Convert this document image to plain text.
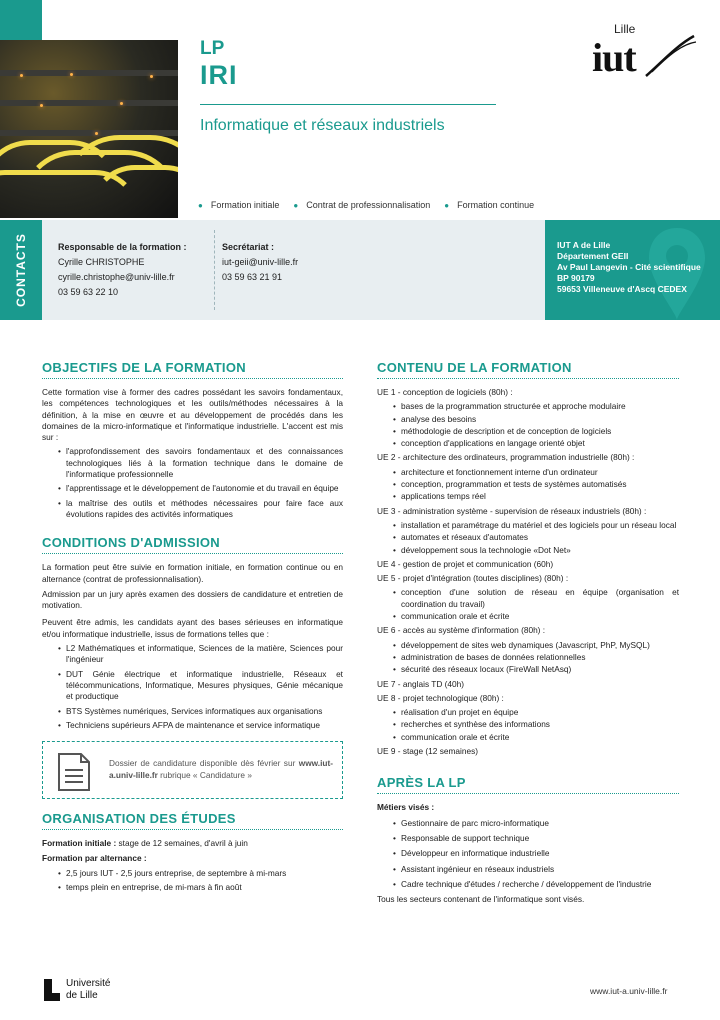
LP
IRI
Informatique et réseaux industriels
Lille
iut
● Formation initiale	● Contrat de professionnalisation	● Formation continue
CONTACTS	Responsable de la formation :
Cyrille CHRISTOPHE
cyrille.christophe@univ-lille.fr
03 59 63 22 10
Secrétariat :
iut-geii@univ-lille.fr
03 59 63 21 91
IUT A de Lille
Département GEII
Av Paul Langevin - Cité scientifique
BP 90179
59653 Villeneuve d'Ascq CEDEX
OBJECTIFS DE LA FORMATION

Cette formation vise à former des cadres possédant les savoirs fondamentaux, les compétences technologiques et les outils/méthodes nécessaires à la définition, à la mise en œuvre et au développement de procédés dans les domaines de la micro-informatique et l'informatique industrielle. L'accent est mis sur :

• l'approfondissement des savoirs fondamentaux et des connaissances technologiques liés à la formation technique dans le domaine de l'informatique professionnelle
• l'apprentissage et le développement de l'autonomie et du travail en équipe
• la maîtrise des outils et méthodes nécessaires pour faire face aux évolutions rapides des activités informatiques
CONDITIONS D'ADMISSION

La formation peut être suivie en formation initiale, en formation continue ou en alternance (contrat de professionnalisation).

Admission par un jury après examen des dossiers de candidature et entretien de motivation.

Peuvent être admis, les candidats ayant des bases sérieuses en informatique et/ou informatique industrielle, issus de formations telles que :

• L2 Mathématiques et informatique, Sciences de la matière, Sciences pour l'ingénieur
• DUT Génie électrique et informatique industrielle, Réseaux et télécommunications, Informatique, Mesures physiques, Génie mécanique et productique
• BTS Systèmes numériques, Services informatiques aux organisations
• Techniciens supérieurs AFPA de maintenance et service informatique
Dossier de candidature disponible dès février sur www.iut-a.univ-lille.fr rubrique « Candidature »
ORGANISATION DES ÉTUDES

Formation initiale : stage de 12 semaines, d'avril à juin

Formation par alternance :

• 2,5 jours IUT - 2,5 jours entreprise, de septembre à mi-mars
• temps plein en entreprise, de mi-mars à fin août
CONTENU DE LA FORMATION

UE 1 - conception de logiciels (80h) :

• bases de la programmation structurée et approche modulaire
• analyse des besoins
• méthodologie de description et de conception de logiciels
• conception d'applications en langage orienté objet

UE 2 - architecture des ordinateurs, programmation industrielle (80h) :

• architecture et fonctionnement interne d'un ordinateur
• conception, programmation et tests de systèmes automatisés
• applications temps réel

UE 3 - administration système - supervision de réseaux industriels (80h) :

• installation et paramétrage du matériel et des logiciels pour un réseau local
• automates et réseaux d'automates
• développement sous la technologie «Dot Net»

UE 4 - gestion de projet et communication (60h)

UE 5 - projet d'intégration (toutes disciplines) (80h) :

• conception d'une solution de réseau en équipe (organisation et coordination du travail)
• communication orale et écrite

UE 6 - accès au système d'information (80h) :

• développement de sites web dynamiques (Javascript, PhP, MySQL)
• administration de bases de données relationnelles
• sécurité des réseaux locaux (FireWall NetAsq)

UE 7 - anglais TD (40h)

UE 8 - projet technologique (80h) :

• réalisation d'un projet en équipe
• recherches et synthèse des informations
• communication orale et écrite

UE 9 - stage (12 semaines)

APRÈS LA LP

Métiers visés :

• Gestionnaire de parc micro-informatique
• Responsable de support technique
• Développeur en informatique industrielle
• Assistant ingénieur en réseaux industriels
• Cadre technique d'études / recherche / développement de l'industrie

Tous les secteurs contenant de l'informatique sont visés.

Université
de Lille	www.iut-a.univ-lille.fr
